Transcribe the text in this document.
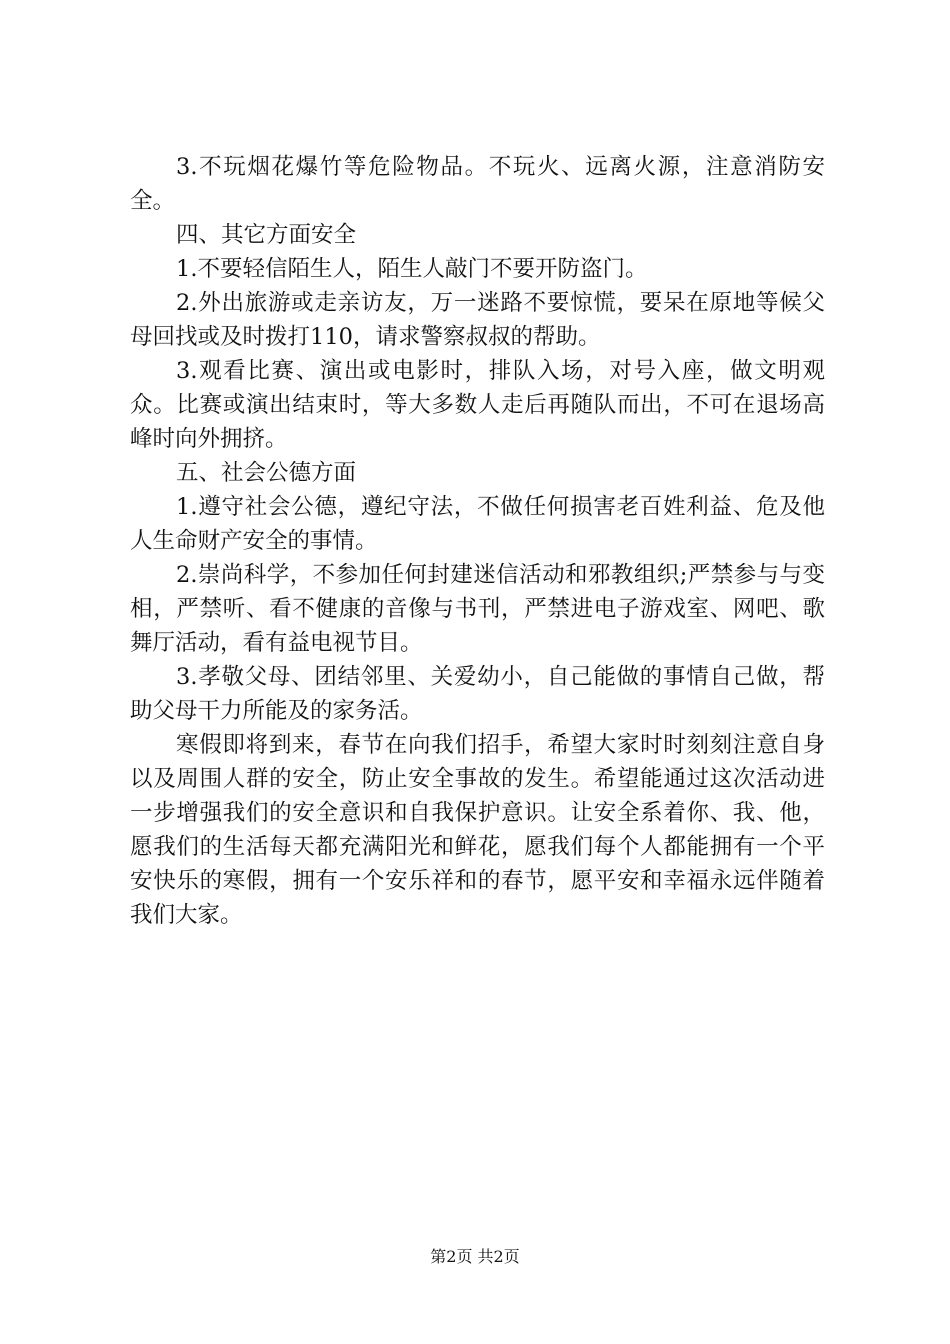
3.不玩烟花爆竹等危险物品。不玩火、远离火源，注意消防安全。

四、其它方面安全

1.不要轻信陌生人，陌生人敲门不要开防盗门。

2.外出旅游或走亲访友，万一迷路不要惊慌，要呆在原地等候父母回找或及时拨打110，请求警察叔叔的帮助。

3.观看比赛、演出或电影时，排队入场，对号入座，做文明观众。比赛或演出结束时，等大多数人走后再随队而出，不可在退场高峰时向外拥挤。

五、社会公德方面

1.遵守社会公德，遵纪守法，不做任何损害老百姓利益、危及他人生命财产安全的事情。

2.崇尚科学，不参加任何封建迷信活动和邪教组织;严禁参与与变相，严禁听、看不健康的音像与书刊，严禁进电子游戏室、网吧、歌舞厅活动，看有益电视节目。

3.孝敬父母、团结邻里、关爱幼小，自己能做的事情自己做，帮助父母干力所能及的家务活。

寒假即将到来，春节在向我们招手，希望大家时时刻刻注意自身以及周围人群的安全，防止安全事故的发生。希望能通过这次活动进一步增强我们的安全意识和自我保护意识。让安全系着你、我、他，愿我们的生活每天都充满阳光和鲜花，愿我们每个人都能拥有一个平安快乐的寒假，拥有一个安乐祥和的春节，愿平安和幸福永远伴随着我们大家。

第2页 共2页
